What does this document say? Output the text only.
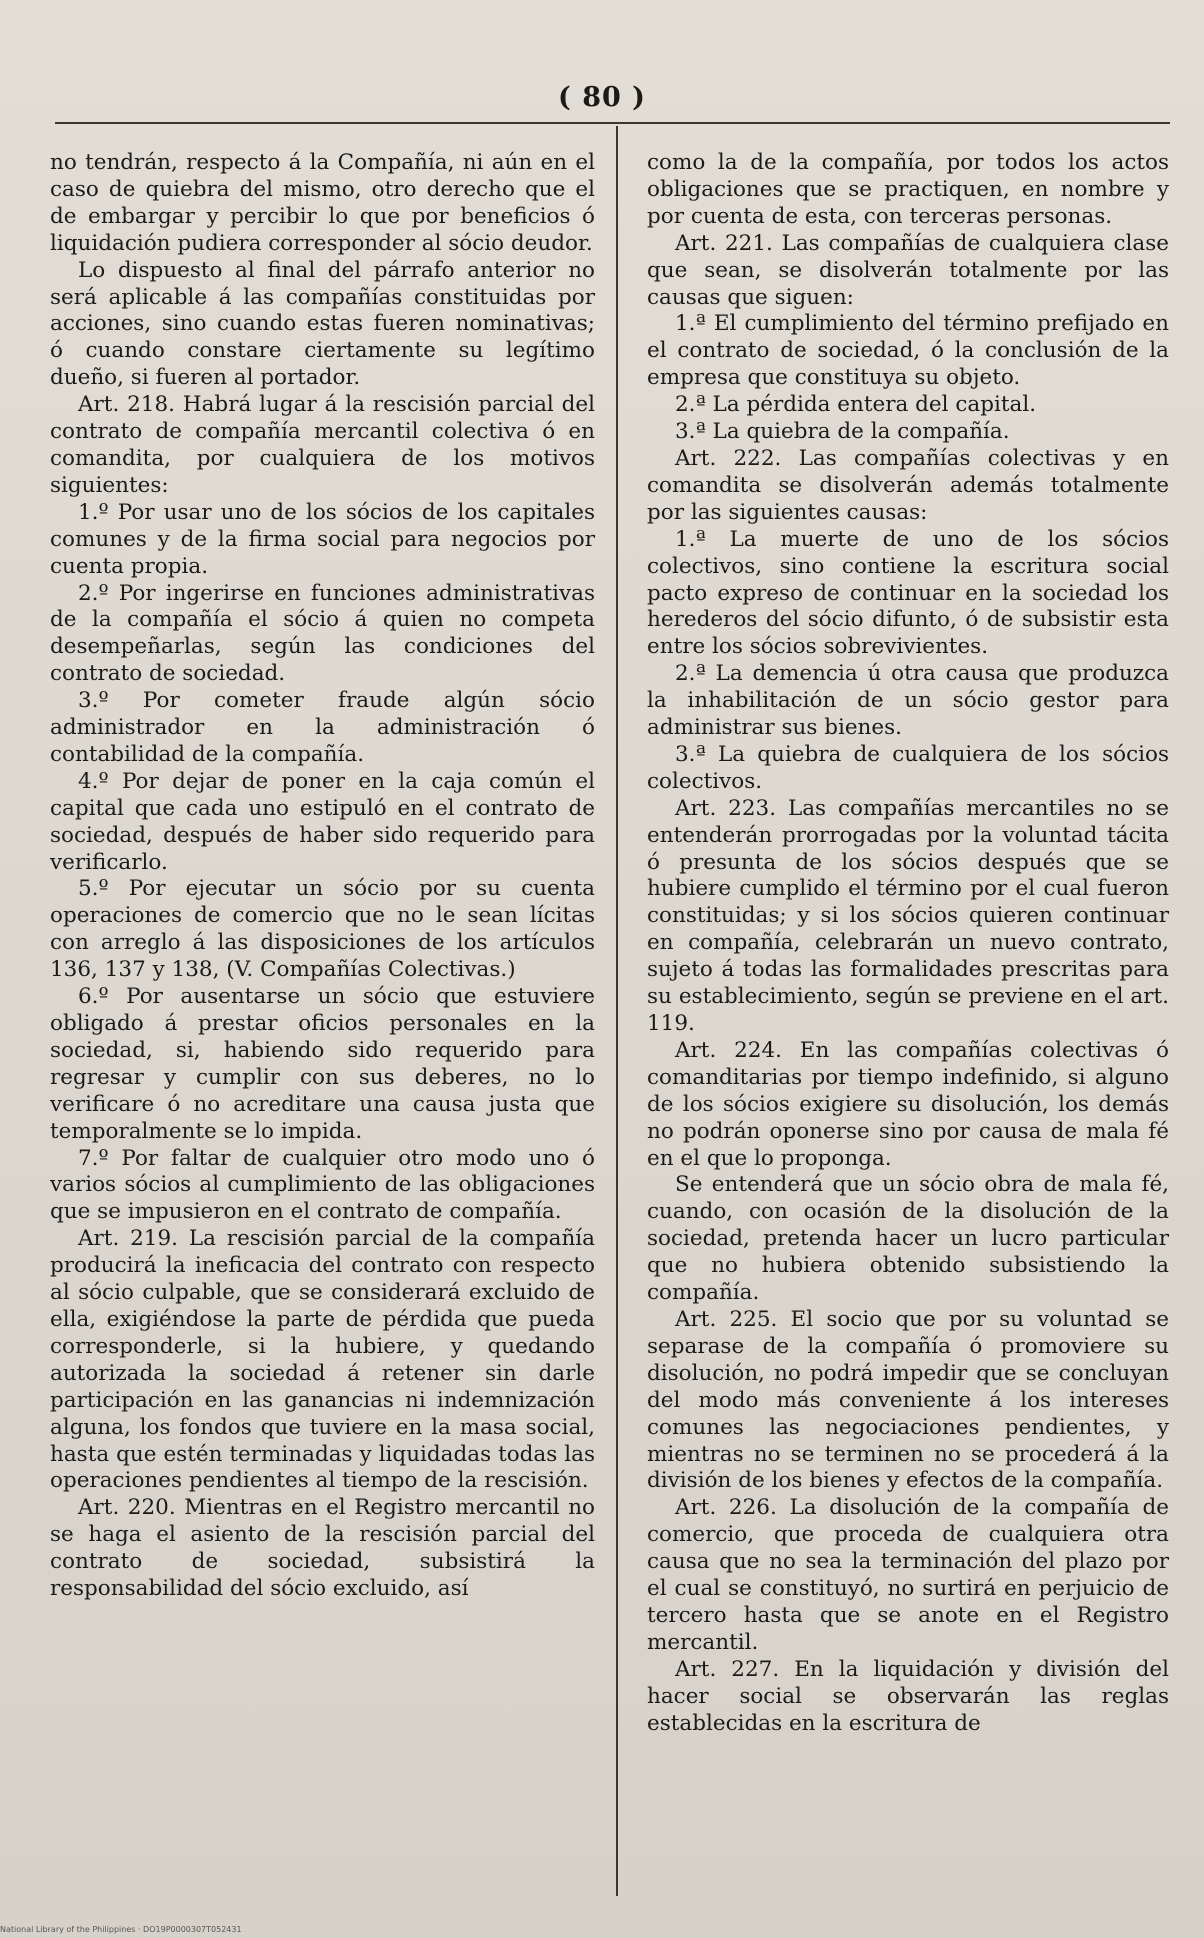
( 80 )

no tendrán, respecto á la Compañía, ni aún en el caso de quiebra del mismo, otro derecho que el de embargar y percibir lo que por beneficios ó liquidación pudiera corresponder al sócio deudor.

Lo dispuesto al final del párrafo anterior no será aplicable á las compañías constituidas por acciones, sino cuando estas fueren nominativas; ó cuando constare ciertamente su legítimo dueño, si fueren al portador.

Art. 218. Habrá lugar á la rescisión parcial del contrato de compañía mercantil colectiva ó en comandita, por cualquiera de los motivos siguientes:

1.º Por usar uno de los sócios de los capitales comunes y de la firma social para negocios por cuenta propia.

2.º Por ingerirse en funciones administrativas de la compañía el sócio á quien no competa desempeñarlas, según las condiciones del contrato de sociedad.

3.º Por cometer fraude algún sócio administrador en la administración ó contabilidad de la compañía.

4.º Por dejar de poner en la caja común el capital que cada uno estipuló en el contrato de sociedad, después de haber sido requerido para verificarlo.

5.º Por ejecutar un sócio por su cuenta operaciones de comercio que no le sean lícitas con arreglo á las disposiciones de los artículos 136, 137 y 138, (V. Compañías Colectivas.)

6.º Por ausentarse un sócio que estuviere obligado á prestar oficios personales en la sociedad, si, habiendo sido requerido para regresar y cumplir con sus deberes, no lo verificare ó no acreditare una causa justa que temporalmente se lo impida.

7.º Por faltar de cualquier otro modo uno ó varios sócios al cumplimiento de las obligaciones que se impusieron en el contrato de compañía.

Art. 219. La rescisión parcial de la compañía producirá la ineficacia del contrato con respecto al sócio culpable, que se considerará excluido de ella, exigiéndose la parte de pérdida que pueda corresponderle, si la hubiere, y quedando autorizada la sociedad á retener sin darle participación en las ganancias ni indemnización alguna, los fondos que tuviere en la masa social, hasta que estén terminadas y liquidadas todas las operaciones pendientes al tiempo de la rescisión.

Art. 220. Mientras en el Registro mercantil no se haga el asiento de la rescisión parcial del contrato de sociedad, subsistirá la responsabilidad del sócio excluido, así

como la de la compañía, por todos los actos obligaciones que se practiquen, en nombre y por cuenta de esta, con terceras personas.

Art. 221. Las compañías de cualquiera clase que sean, se disolverán totalmente por las causas que siguen:

1.ª El cumplimiento del término prefijado en el contrato de sociedad, ó la conclusión de la empresa que constituya su objeto.

2.ª La pérdida entera del capital.

3.ª La quiebra de la compañía.

Art. 222. Las compañías colectivas y en comandita se disolverán además totalmente por las siguientes causas:

1.ª La muerte de uno de los sócios colectivos, sino contiene la escritura social pacto expreso de continuar en la sociedad los herederos del sócio difunto, ó de subsistir esta entre los sócios sobrevivientes.

2.ª La demencia ú otra causa que produzca la inhabilitación de un sócio gestor para administrar sus bienes.

3.ª La quiebra de cualquiera de los sócios colectivos.

Art. 223. Las compañías mercantiles no se entenderán prorrogadas por la voluntad tácita ó presunta de los sócios después que se hubiere cumplido el término por el cual fueron constituidas; y si los sócios quieren continuar en compañía, celebrarán un nuevo contrato, sujeto á todas las formalidades prescritas para su establecimiento, según se previene en el art. 119.

Art. 224. En las compañías colectivas ó comanditarias por tiempo indefinido, si alguno de los sócios exigiere su disolución, los demás no podrán oponerse sino por causa de mala fé en el que lo proponga.

Se entenderá que un sócio obra de mala fé, cuando, con ocasión de la disolución de la sociedad, pretenda hacer un lucro particular que no hubiera obtenido subsistiendo la compañía.

Art. 225. El socio que por su voluntad se separase de la compañía ó promoviere su disolución, no podrá impedir que se concluyan del modo más conveniente á los intereses comunes las negociaciones pendientes, y mientras no se terminen no se procederá á la división de los bienes y efectos de la compañía.

Art. 226. La disolución de la compañía de comercio, que proceda de cualquiera otra causa que no sea la terminación del plazo por el cual se constituyó, no surtirá en perjuicio de tercero hasta que se anote en el Registro mercantil.

Art. 227. En la liquidación y división del hacer social se observarán las reglas establecidas en la escritura de

National Library of the Philippines · DO19P0000307T052431
